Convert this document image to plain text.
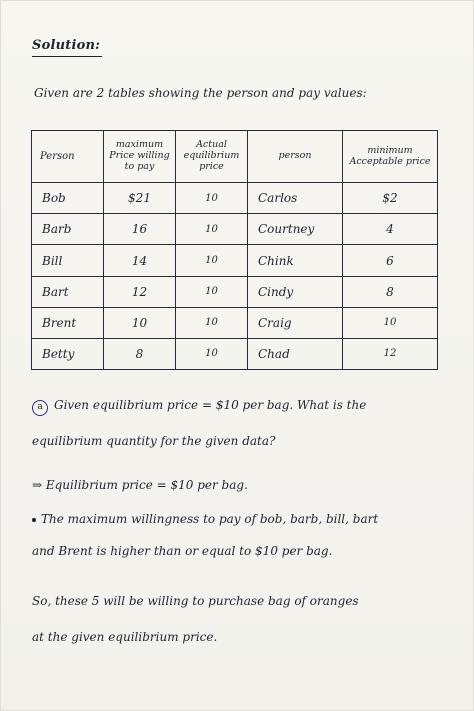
Solution:
Given are 2 tables showing the person and pay values:
Person	maximum Price willing to pay	Actual equilibrium price	person	minimum Acceptable price
Bob	$21	10	Carlos	$2
Barb	16	10	Courtney	4
Bill	14	10	Chink	6
Bart	12	10	Cindy	8
Brent	10	10	Craig	10
Betty	8	10	Chad	12
a Given equilibrium price = $10 per bag. What is the
equilibrium quantity for the given data?
⇒ Equilibrium price = $10 per bag.
The maximum willingness to pay of bob, barb, bill, bart
and Brent is higher than or equal to $10 per bag.
So, these 5 will be willing to purchase bag of oranges
at the given equilibrium price.
